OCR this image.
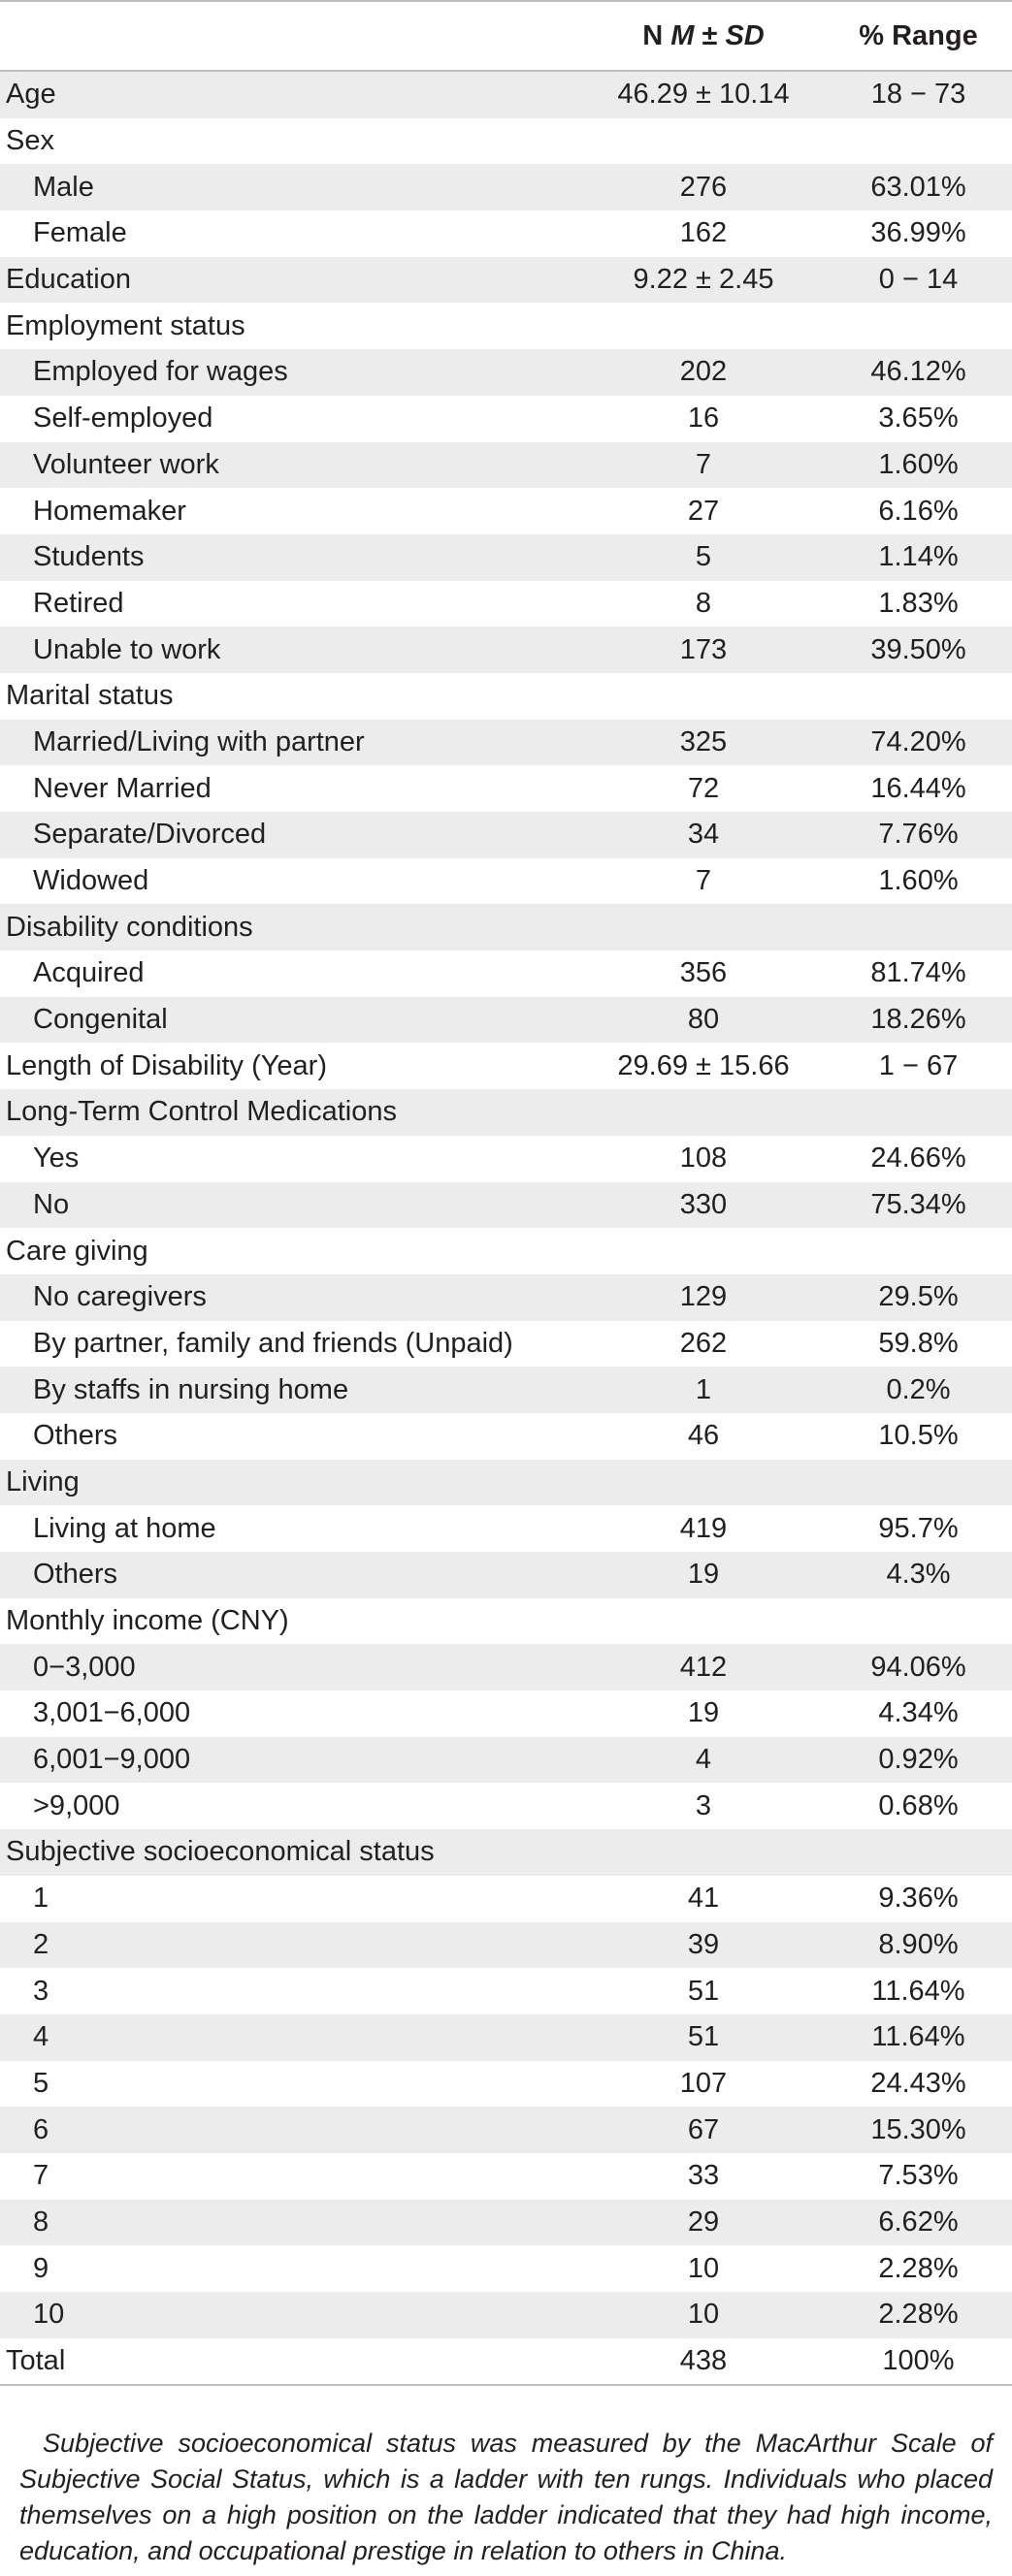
	N M ± SD	% Range
Age	46.29 ± 10.14	18 − 73
Sex		
Male	276	63.01%
Female	162	36.99%
Education	9.22 ± 2.45	0 − 14
Employment status		
Employed for wages	202	46.12%
Self-employed	16	3.65%
Volunteer work	7	1.60%
Homemaker	27	6.16%
Students	5	1.14%
Retired	8	1.83%
Unable to work	173	39.50%
Marital status		
Married/Living with partner	325	74.20%
Never Married	72	16.44%
Separate/Divorced	34	7.76%
Widowed	7	1.60%
Disability conditions		
Acquired	356	81.74%
Congenital	80	18.26%
Length of Disability (Year)	29.69 ± 15.66	1 − 67
Long-Term Control Medications		
Yes	108	24.66%
No	330	75.34%
Care giving		
No caregivers	129	29.5%
By partner, family and friends (Unpaid)	262	59.8%
By staffs in nursing home	1	0.2%
Others	46	10.5%
Living		
Living at home	419	95.7%
Others	19	4.3%
Monthly income (CNY)		
0−3,000	412	94.06%
3,001−6,000	19	4.34%
6,001−9,000	4	0.92%
>9,000	3	0.68%
Subjective socioeconomical status		
1	41	9.36%
2	39	8.90%
3	51	11.64%
4	51	11.64%
5	107	24.43%
6	67	15.30%
7	33	7.53%
8	29	6.62%
9	10	2.28%
10	10	2.28%
Total	438	100%

Subjective socioeconomical status was measured by the MacArthur Scale of Subjective Social Status, which is a ladder with ten rungs. Individuals who placed themselves on a high position on the ladder indicated that they had high income, education, and occupational prestige in relation to others in China.
